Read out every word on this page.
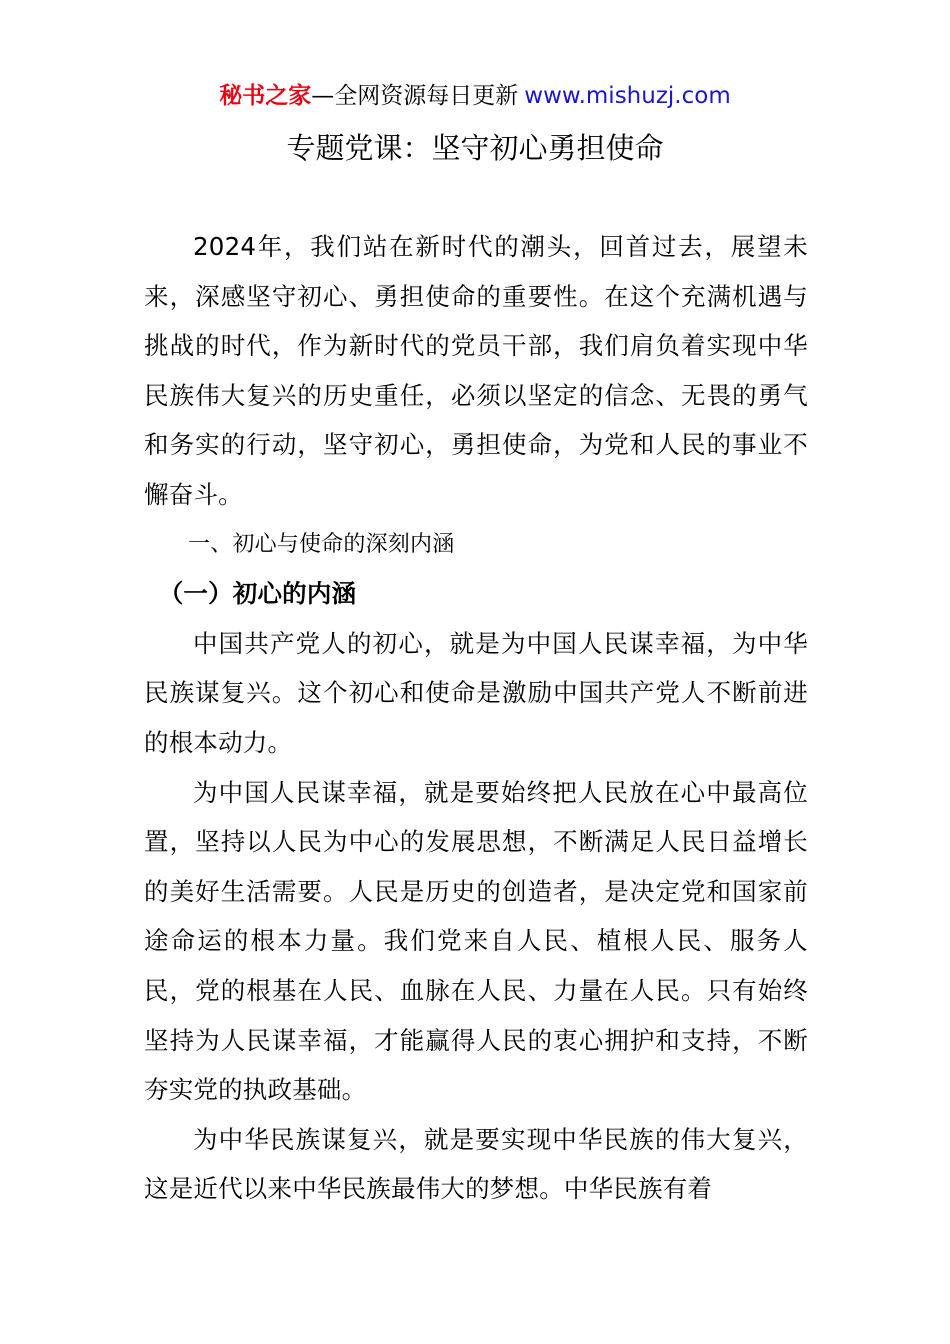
秘书之家—全网资源每日更新 www.mishuzj.com
专题党课：坚守初心勇担使命

2024年，我们站在新时代的潮头，回首过去，展望未来，深感坚守初心、勇担使命的重要性。在这个充满机遇与挑战的时代，作为新时代的党员干部，我们肩负着实现中华民族伟大复兴的历史重任，必须以坚定的信念、无畏的勇气和务实的行动，坚守初心，勇担使命，为党和人民的事业不懈奋斗。

一、初心与使命的深刻内涵

（一）初心的内涵

中国共产党人的初心，就是为中国人民谋幸福，为中华民族谋复兴。这个初心和使命是激励中国共产党人不断前进的根本动力。

为中国人民谋幸福，就是要始终把人民放在心中最高位置，坚持以人民为中心的发展思想，不断满足人民日益增长的美好生活需要。人民是历史的创造者，是决定党和国家前途命运的根本力量。我们党来自人民、植根人民、服务人民，党的根基在人民、血脉在人民、力量在人民。只有始终坚持为人民谋幸福，才能赢得人民的衷心拥护和支持，不断夯实党的执政基础。

为中华民族谋复兴，就是要实现中华民族的伟大复兴，这是近代以来中华民族最伟大的梦想。中华民族有着
